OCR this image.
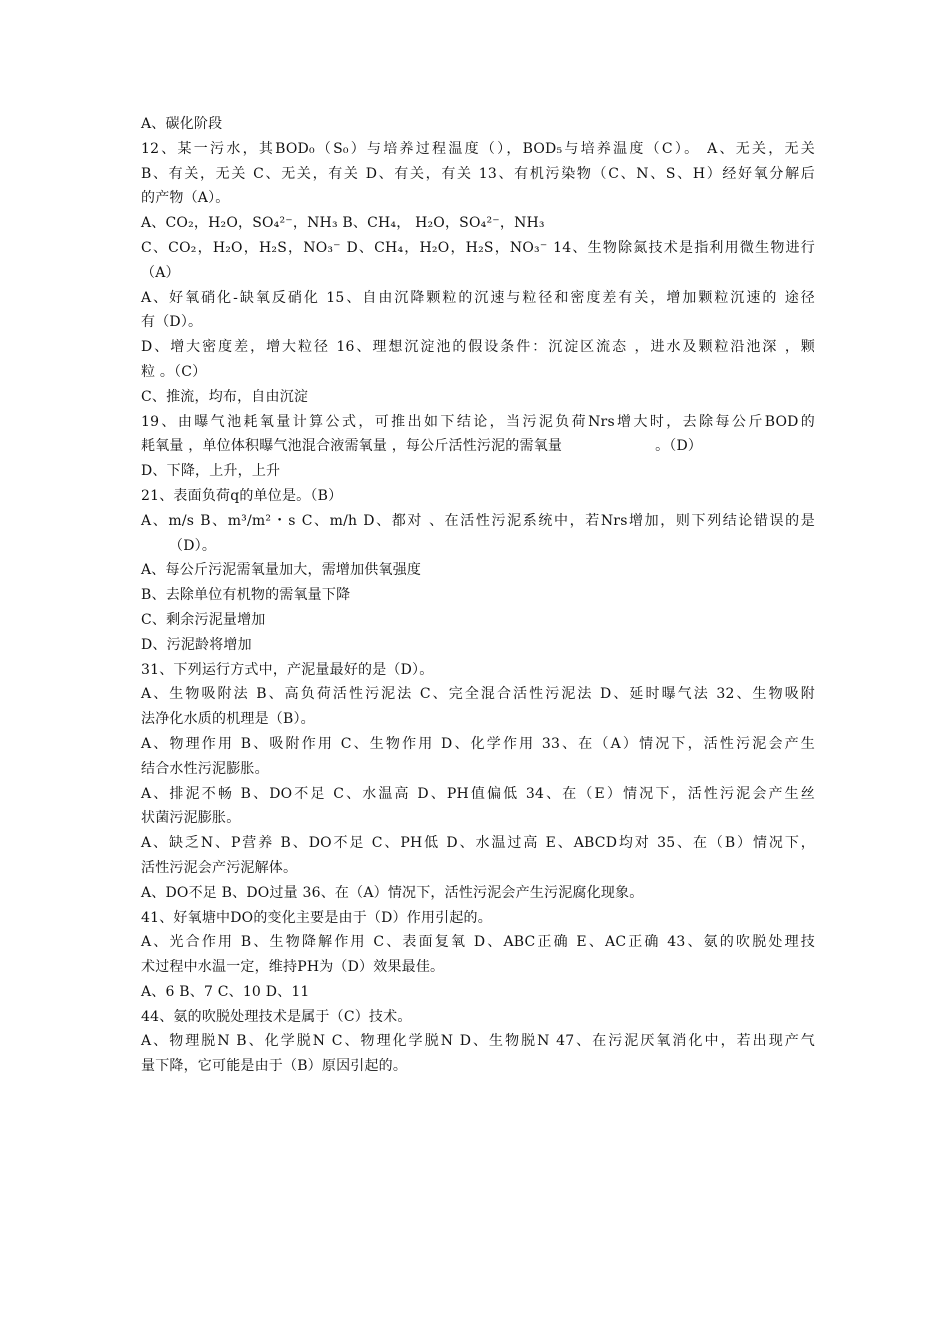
A、碳化阶段
12、某一污水，其BOD₀（S₀）与培养过程温度（），BOD₅与培养温度（C）。 A、无关，无关
B、有关，无关 C、无关，有关 D、有关，有关 13、有机污染物（C、N、S、H）经好氧分解后
的产物（A）。
A、CO₂，H₂O，SO₄²⁻，NH₃ B、CH₄， H₂O，SO₄²⁻，NH₃
C、CO₂，H₂O，H₂S，NO₃⁻ D、CH₄，H₂O，H₂S，NO₃⁻ 14、生物除氮技术是指利用微生物进行
（A）
A、好氧硝化-缺氧反硝化 15、自由沉降颗粒的沉速与粒径和密度差有关，增加颗粒沉速的 途径
有（D）。
D、增大密度差，增大粒径 16、理想沉淀池的假设条件：沉淀区流态 ，进水及颗粒沿池深 ，颗
粒 。（C）
C、推流，均布，自由沉淀
19、由曝气池耗氧量计算公式，可推出如下结论，当污泥负荷Nrs增大时，去除每公斤BOD的
耗氧量 ，单位体积曝气池混合液需氧量 ，每公斤活性污泥的需氧量                    。（D）
D、下降，上升，上升
21、表面负荷q的单位是。（B）
A、m/s B、m³/m²・s C、m/h D、都对 、在活性污泥系统中，若Nrs增加，则下列结论错误的是
（D）。
A、每公斤污泥需氧量加大，需增加供氧强度
B、去除单位有机物的需氧量下降
C、剩余污泥量增加
D、污泥龄将增加
31、下列运行方式中，产泥量最好的是（D）。
A、生物吸附法 B、高负荷活性污泥法 C、完全混合活性污泥法 D、延时曝气法 32、生物吸附
法净化水质的机理是（B）。
A、物理作用 B、吸附作用 C、生物作用 D、化学作用 33、在（A）情况下，活性污泥会产生
结合水性污泥膨胀。
A、排泥不畅 B、DO不足 C、水温高 D、PH值偏低 34、在（E）情况下，活性污泥会产生丝
状菌污泥膨胀。
A、缺乏N、P营养 B、DO不足 C、PH低 D、水温过高 E、ABCD均对 35、在（B）情况下，
活性污泥会产污泥解体。
A、DO不足 B、DO过量 36、在（A）情况下，活性污泥会产生污泥腐化现象。
41、好氧塘中DO的变化主要是由于（D）作用引起的。
A、光合作用 B、生物降解作用 C、表面复氧 D、ABC正确 E、AC正确 43、氨的吹脱处理技
术过程中水温一定，维持PH为（D）效果最佳。
A、6 B、7 C、10 D、11
44、氨的吹脱处理技术是属于（C）技术。
A、物理脱N B、化学脱N C、物理化学脱N D、生物脱N 47、在污泥厌氧消化中，若出现产气
量下降，它可能是由于（B）原因引起的。
